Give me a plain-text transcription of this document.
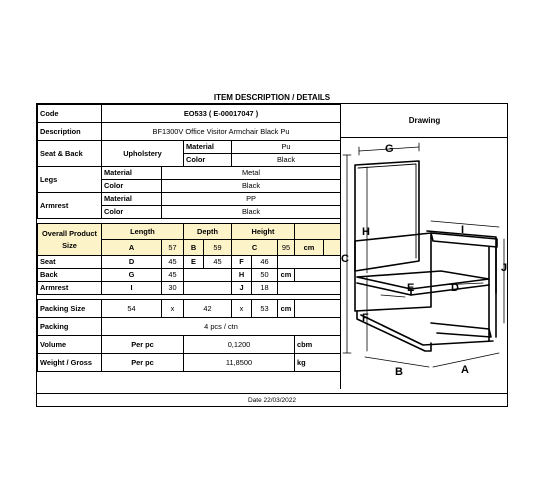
ITEM DESCRIPTION / DETAILS
Code	EO533 ( E-00017047 )								
Description	BF1300V Office Visitor Armchair Black Pu								
Seat & Back	Upholstery		Material		Pu				
			Color		Black				
Legs	Material	Metal							
	Color	Black							
Armrest	Material	PP							
	Color	Black							

Overall Product Size	Length		Depth		Height				
	A	57	B	59	C		95	cm	
Seat	D	45	E	45	F	46			
Back	G	45			H	50	cm		
Armrest	I	30			J	18			

Packing Size	54	x	42		x	53	cm		
Packing	4 pcs / ctn								
Volume	Per pc		0,1200					cbm	
Weight / Gross	Per pc		11,8500					kg	
Drawing
G
I
C
H
F
J
E	D
B	A
Date 22/03/2022
